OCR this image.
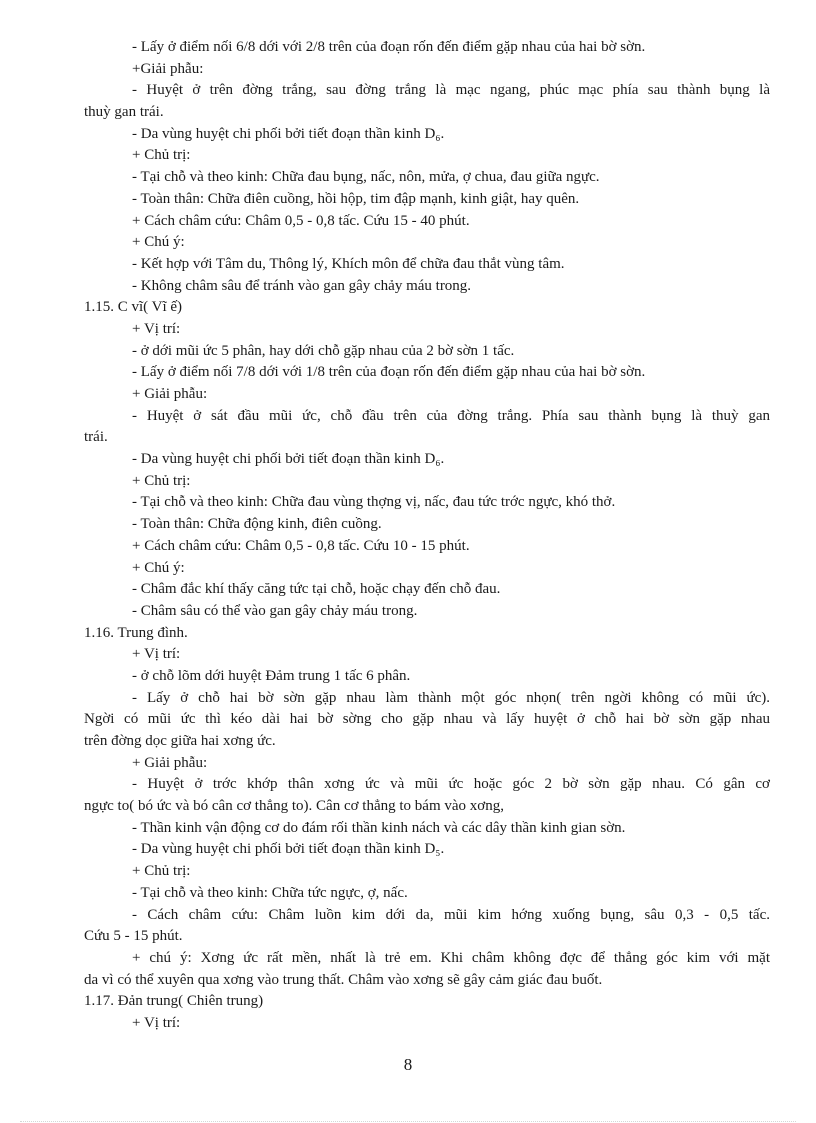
- Lấy ở điểm nối 6/8 dới với 2/8 trên của đoạn rốn đến điểm gặp nhau của hai bờ sờn.
+Giải phẫu:
- Huyệt ở trên đờng trắng, sau đờng trắng là mạc ngang, phúc mạc phía sau thành bụng là
thuỳ gan trái.
- Da vùng huyệt chi phối bởi tiết đoạn thần kinh D₆.
+ Chủ trị:
- Tại chỗ và theo kinh: Chữa đau bụng, nấc, nôn, mửa, ợ chua, đau giữa ngực.
- Toàn thân: Chữa điên cuồng, hồi hộp, tim đập mạnh, kinh giật, hay quên.
+ Cách châm cứu: Châm 0,5 - 0,8 tấc. Cứu 15 - 40 phút.
+ Chú ý:
- Kết hợp với Tâm du, Thông lý, Khích môn để chữa đau thắt vùng tâm.
- Không châm sâu để tránh vào gan gây chảy máu trong.
1.15. C vĩ( Vĩ ế)
+ Vị trí:
- ở dới mũi ức 5 phân, hay dới chỗ gặp nhau của 2 bờ sờn 1 tấc.
- Lấy ở điểm nối 7/8 dới với 1/8 trên của đoạn rốn đến điểm gặp nhau của hai bờ sờn.
+ Giải phẫu:
- Huyệt ở sát đầu mũi ức, chỗ đầu trên của đờng trắng. Phía sau thành bụng là thuỳ gan
trái.
- Da vùng huyệt chi phối bởi tiết đoạn thần kinh D₆.
+ Chủ trị:
- Tại chỗ và theo kinh: Chữa đau vùng thợng vị, nấc, đau tức trớc ngực, khó thở.
- Toàn thân: Chữa động kinh, điên cuồng.
+ Cách châm cứu: Châm 0,5 - 0,8 tấc. Cứu 10 - 15 phút.
+ Chú ý:
- Châm đắc khí thấy căng tức tại chỗ, hoặc chạy đến chỗ đau.
- Châm sâu có thể vào gan gây chảy máu trong.
1.16. Trung đình.
+ Vị trí:
- ở chỗ lõm dới huyệt Đảm trung 1 tấc 6 phân.
- Lấy ở chỗ hai bờ sờn gặp nhau làm thành một góc nhọn( trên ngời không có mũi ức).
Ngời có mũi ức thì kéo dài hai bờ sờng cho gặp nhau và lấy huyệt ở chỗ hai bờ sờn gặp nhau
trên đờng dọc giữa hai xơng ức.
+ Giải phẫu:
- Huyệt ở trớc khớp thân xơng ức và mũi ức hoặc góc 2 bờ sờn gặp nhau. Có gân cơ
ngực to( bó ức và bó cân cơ thẳng to). Cân cơ thẳng to bám vào xơng,
- Thần kinh vận động cơ do đám rối thần kinh nách và các dây thần kinh gian sờn.
- Da vùng huyệt chi phối bởi tiết đoạn thần kinh D₅.
+ Chủ trị:
- Tại chỗ và theo kinh: Chữa tức ngực, ợ, nấc.
- Cách châm cứu: Châm luồn kim dới da, mũi kim hớng xuống bụng, sâu 0,3 - 0,5 tấc.
Cứu 5 - 15 phút.
+ chú ý: Xơng ức rất mền, nhất là trẻ em. Khi châm không đợc để thẳng góc kim với mặt
da vì có thể xuyên qua xơng vào trung thất. Châm vào xơng sẽ gây cảm giác đau buốt.
1.17. Đản trung( Chiên trung)
+ Vị trí:
8
